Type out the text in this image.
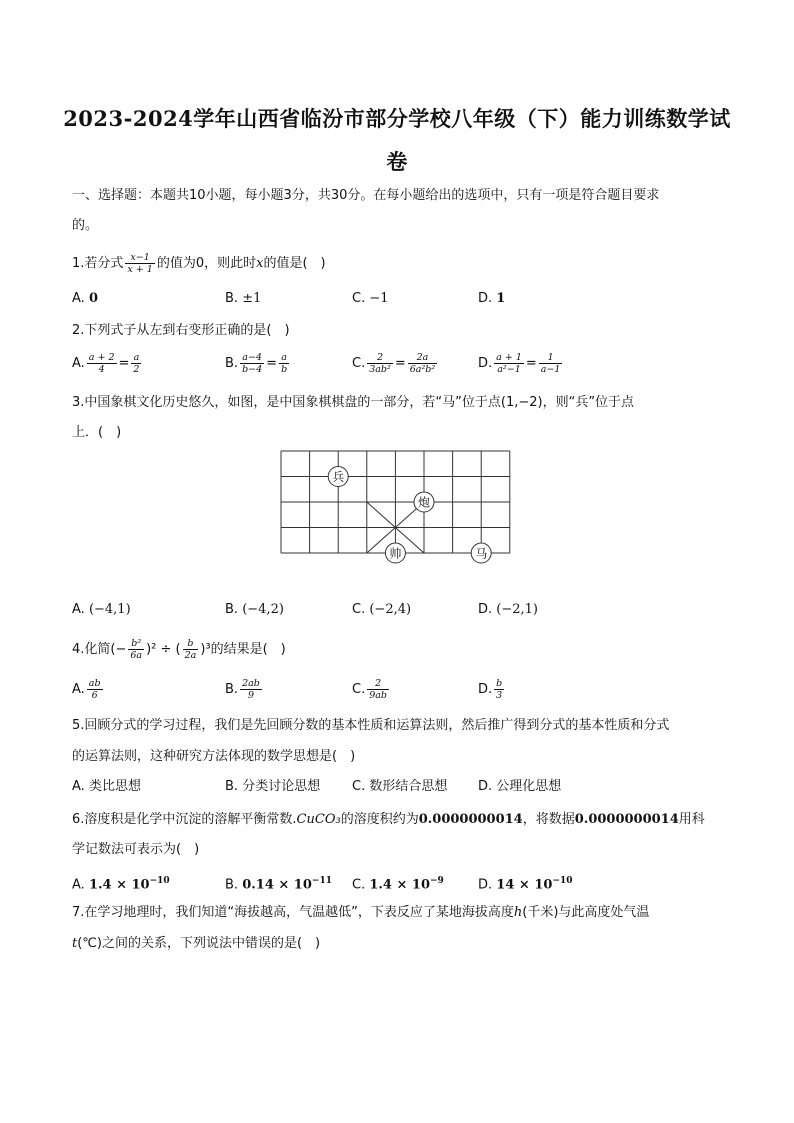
2023-2024学年山西省临汾市部分学校八年级（下）能力训练数学试
卷
一、选择题：本题共10小题，每小题3分，共30分。在每小题给出的选项中，只有一项是符合题目要求
的。
1.若分式 $\frac{x-1}{x + 1}$ 的值为0，则此时x的值是(　)
A. 0	B. ±1	C. −1	D. 1
2.下列式子从左到右变形正确的是(　)
A. $\frac{a + 2}{4} = \frac{a}{2}$	B. $\frac{a-4}{b-4} = \frac{a}{b}$	C. $\frac{2}{\text{3ab²}} = \frac{2a}{\text{6a²b²}}$	D. $\frac{a + 1}{\text{a²−1}} = \frac{1}{a-1}$
3.中国象棋文化历史悠久，如图，是中国象棋棋盘的一部分，若“马”位于点(1,−2)，则“兵”位于点
上．(　)
兵
炮
帅	马
A. (−4,1)	B. (−4,2)	C. (−2,4)	D. (−2,1)
4.化简(− $\frac{\text{b²}}{6a} )^2$ ÷ ( $\frac{b}{2a} )^3$的结果是(　)
A. $\frac{ab}{6}$	B. $\frac{2ab}{9}$	C. $\frac{2}{9ab}$	D. $\frac{b}{3}$
5.回顾分式的学习过程，我们是先回顾分数的基本性质和运算法则，然后推广得到分式的基本性质和分式
的运算法则，这种研究方法体现的数学思想是(　)
A. 类比思想	B. 分类讨论思想 C. 数形结合思想 D. 公理化思想
6.溶度积是化学中沉淀的溶解平衡常数.CuCO₃的溶度积约为0.0000000014，将数据0.0000000014用科
学记数法可表示为(　)
A. $1.4 \times 10^{-10}$	B. $0.14 \times 10^{-11}$ C. $1.4 \times 10^{-9}$	D. $14 \times 10^{-10}$
7.在学习地理时，我们知道“海拔越高，气温越低”，下表反应了某地海拔高度h(千米)与此高度处气温
t(℃)之间的关系，下列说法中错误的是(　)
